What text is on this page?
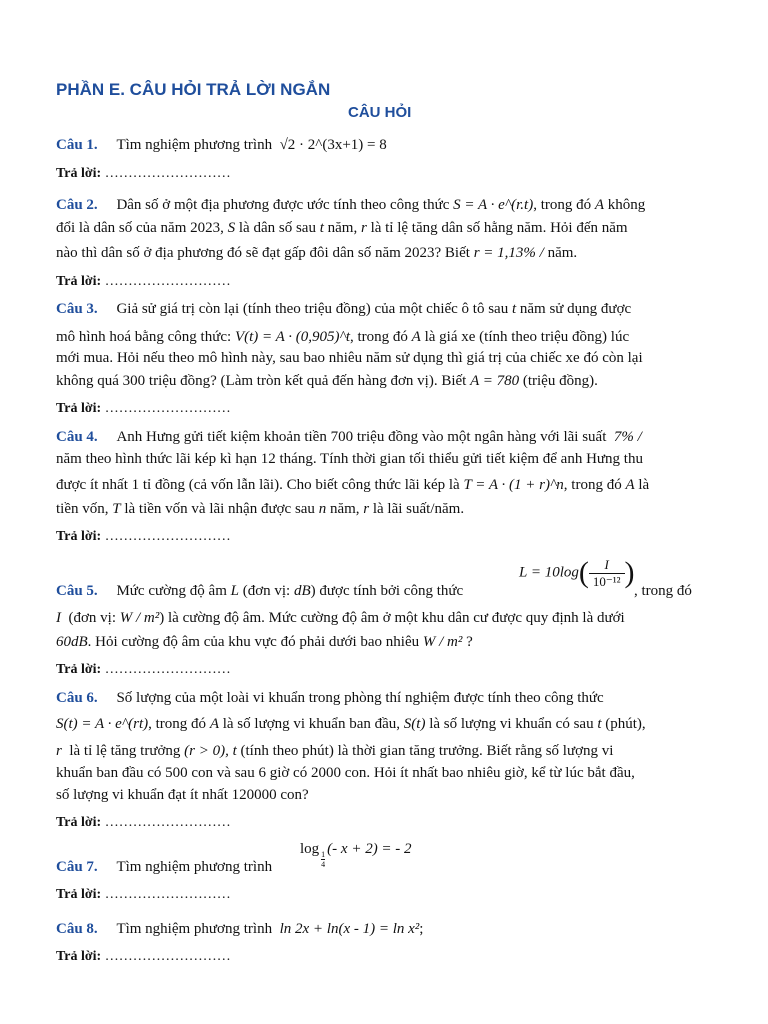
PHẦN E. CÂU HỎI TRẢ LỜI NGẮN
CÂU HỎI
Câu 1. Tìm nghiệm phương trình √2 · 2^(3x+1) = 8
Trả lời: ………………………
Câu 2. Dân số ở một địa phương được ước tính theo công thức S = A · e^(r.t), trong đó A không
đổi là dân số của năm 2023, S là dân số sau t năm, r là tỉ lệ tăng dân số hằng năm. Hỏi đến năm
nào thì dân số ở địa phương đó sẽ đạt gấp đôi dân số năm 2023? Biết r = 1,13% / năm.
Trả lời: ………………………
Câu 3. Giả sử giá trị còn lại (tính theo triệu đồng) của một chiếc ô tô sau t năm sử dụng được
mô hình hoá bằng công thức: V(t) = A · (0,905)^t, trong đó A là giá xe (tính theo triệu đồng) lúc
mới mua. Hỏi nếu theo mô hình này, sau bao nhiêu năm sử dụng thì giá trị của chiếc xe đó còn lại
không quá 300 triệu đồng? (Làm tròn kết quả đến hàng đơn vị). Biết A = 780 (triệu đồng).
Trả lời: ………………………
Câu 4. Anh Hưng gửi tiết kiệm khoản tiền 700 triệu đồng vào một ngân hàng với lãi suất 7% /
năm theo hình thức lãi kép kì hạn 12 tháng. Tính thời gian tối thiểu gửi tiết kiệm để anh Hưng thu
được ít nhất 1 tỉ đồng (cả vốn lẫn lãi). Cho biết công thức lãi kép là T = A · (1 + r)^n, trong đó A là
tiền vốn, T là tiền vốn và lãi nhận được sau n năm, r là lãi suất/năm.
Trả lời: ………………………
Câu 5. Mức cường độ âm L (đơn vị: dB) được tính bởi công thức
$L = 10\log( \frac{I}{\text{10⁻¹²}}$ )
, trong đó
I (đơn vị: W / m²) là cường độ âm. Mức cường độ âm ở một khu dân cư được quy định là dưới
60dB. Hỏi cường độ âm của khu vực đó phải dưới bao nhiêu W / m² ?
Trả lời: ………………………
Câu 6. Số lượng của một loài vi khuẩn trong phòng thí nghiệm được tính theo công thức
S(t) = A · e^(rt), trong đó A là số lượng vi khuẩn ban đầu, S(t) là số lượng vi khuẩn có sau t (phút),
r là tỉ lệ tăng trưởng (r > 0), t (tính theo phút) là thời gian tăng trưởng. Biết rằng số lượng vi
khuẩn ban đầu có 500 con và sau 6 giờ có 2000 con. Hỏi ít nhất bao nhiêu giờ, kể từ lúc bắt đầu,
số lượng vi khuẩn đạt ít nhất 120000 con?
Trả lời: ………………………
Câu 7. Tìm nghiệm phương trình
log
$\frac{1}{4}$
(- x + 2) = - 2
Trả lời: ………………………
Câu 8. Tìm nghiệm phương trình ln 2x + ln(x - 1) = ln x²;
Trả lời: ………………………
